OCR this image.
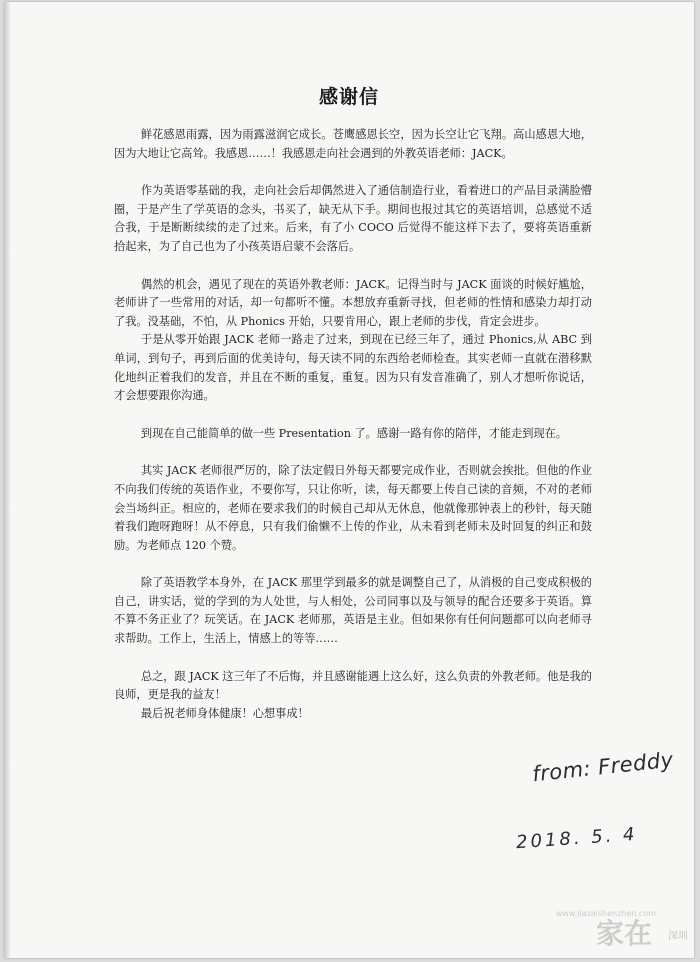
感谢信

鲜花感恩雨露，因为雨露滋润它成长。苍鹰感恩长空，因为长空让它飞翔。高山感恩大地，因为大地让它高耸。我感恩……！我感恩走向社会遇到的外教英语老师：JACK。

作为英语零基础的我，走向社会后却偶然进入了通信制造行业，看着进口的产品目录满脸懵圈，于是产生了学英语的念头，书买了，缺无从下手。期间也报过其它的英语培训，总感觉不适合我，于是断断续续的走了过来。后来，有了小 COCO 后觉得不能这样下去了，要将英语重新拾起来，为了自己也为了小孩英语启蒙不会落后。

偶然的机会，遇见了现在的英语外教老师：JACK。记得当时与 JACK 面谈的时候好尴尬，老师讲了一些常用的对话，却一句都听不懂。本想放弃重新寻找，但老师的性情和感染力却打动了我。没基础，不怕，从 Phonics 开始，只要肯用心，跟上老师的步伐，肯定会进步。

于是从零开始跟 JACK 老师一路走了过来，到现在已经三年了，通过 Phonics,从 ABC 到单词，到句子，再到后面的优美诗句，每天读不同的东西给老师检查。其实老师一直就在潜移默化地纠正着我们的发音，并且在不断的重复，重复。因为只有发音准确了，别人才想听你说话，才会想要跟你沟通。

到现在自己能简单的做一些 Presentation 了。感谢一路有你的陪伴，才能走到现在。

其实 JACK 老师很严厉的，除了法定假日外每天都要完成作业，否则就会挨批。但他的作业不向我们传统的英语作业，不要你写，只让你听，读，每天都要上传自己读的音频，不对的老师会当场纠正。相应的，老师在要求我们的时候自己却从无休息，他就像那钟表上的秒针，每天随着我们跑呀跑呀！从不停息，只有我们偷懒不上传的作业，从未看到老师未及时回复的纠正和鼓励。为老师点 120 个赞。

除了英语教学本身外，在 JACK 那里学到最多的就是调整自己了，从消极的自己变成积极的自己，讲实话，觉的学到的为人处世，与人相处，公司同事以及与领导的配合还要多于英语。算不算不务正业了？玩笑话。在 JACK 老师那，英语是主业。但如果你有任何问题都可以向老师寻求帮助。工作上，生活上，情感上的等等……

总之，跟 JACK 这三年了不后悔，并且感谢能遇上这么好，这么负责的外教老师。他是我的良师，更是我的益友！

最后祝老师身体健康！心想事成！

from: Freddy
2018. 5. 4
www.jiazaishenzhen.com
家在 深圳
